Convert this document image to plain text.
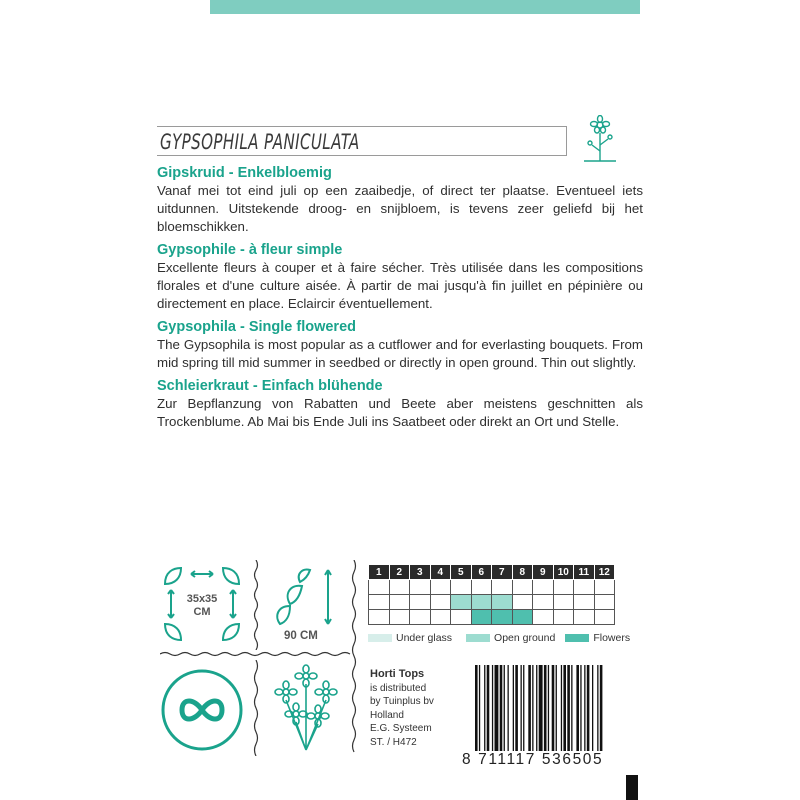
GYPSOPHILA PANICULATA
Gipskruid - Enkelbloemig

Vanaf mei tot eind juli op een zaaibedje, of direct ter plaatse. Eventueel iets uitdunnen. Uitstekende droog- en snijbloem, is tevens zeer geliefd bij het bloemschikken.

Gypsophile - à fleur simple

Excellente fleurs à couper et à faire sécher. Très utilisée dans les compositions florales et d'une culture aisée. À partir de mai jusqu'à fin juillet en pépinière ou directement en place. Eclaircir éventuellement.

Gypsophila - Single flowered

The Gypsophila is most popular as a cutflower and for everlasting bouquets. From mid spring till mid summer in seedbed or directly in open ground. Thin out slightly.

Schleierkraut - Einfach blühende

Zur Bepflanzung von Rabatten und Beete aber meistens geschnitten als Trockenblume. Ab Mai bis Ende Juli ins Saatbeet oder direkt an Ort und Stelle.

35x35
CM
90 CM
1	2	3	4	5	6	7	8	9	10	11	12

Under glass	Open ground	Flowers
Horti Tops
is distributed
by Tuinplus bv
Holland
E.G. Systeem
ST. / H472
8 711117 536505
